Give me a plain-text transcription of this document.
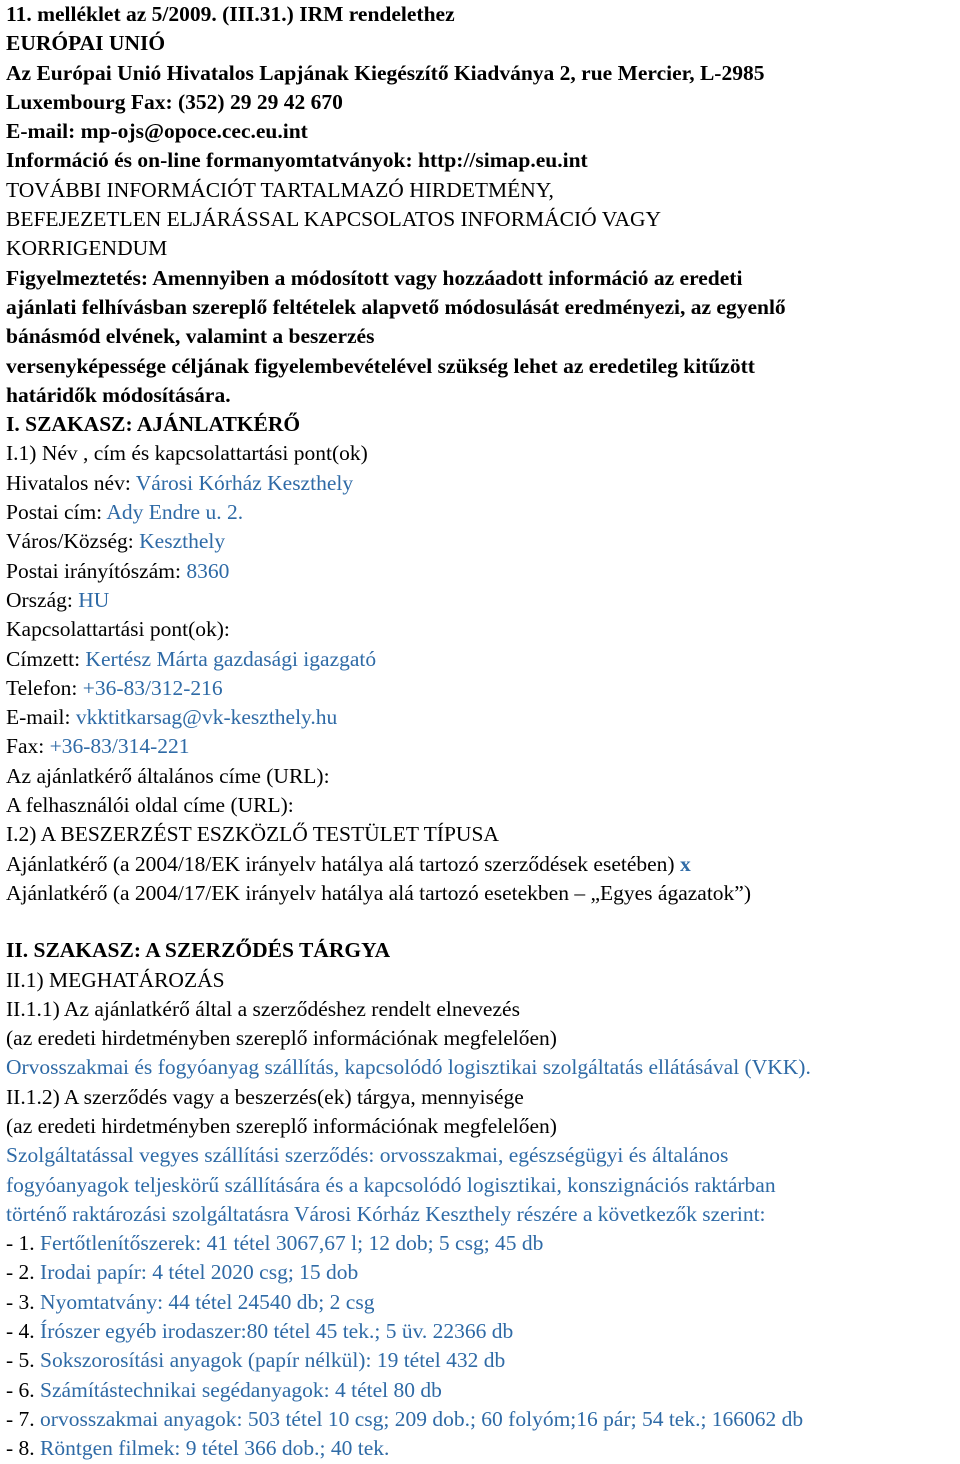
11. melléklet az 5/2009. (III.31.) IRM rendelethez
EURÓPAI UNIÓ
Az Európai Unió Hivatalos Lapjának Kiegészítő Kiadványa 2, rue Mercier, L-2985
Luxembourg Fax: (352) 29 29 42 670
E-mail: mp-ojs@opoce.cec.eu.int
Információ és on-line formanyomtatványok: http://simap.eu.int
TOVÁBBI INFORMÁCIÓT TARTALMAZÓ HIRDETMÉNY,
BEFEJEZETLEN ELJÁRÁSSAL KAPCSOLATOS INFORMÁCIÓ VAGY
KORRIGENDUM
Figyelmeztetés: Amennyiben a módosított vagy hozzáadott információ az eredeti
ajánlati felhívásban szereplő feltételek alapvető módosulását eredményezi, az egyenlő
bánásmód elvének, valamint a beszerzés
versenyképessége céljának figyelembevételével szükség lehet az eredetileg kitűzött
határidők módosítására.
I. SZAKASZ: AJÁNLATKÉRŐ
I.1) Név , cím és kapcsolattartási pont(ok)
Hivatalos név: Városi Kórház Keszthely
Postai cím: Ady Endre u. 2.
Város/Község: Keszthely
Postai irányítószám: 8360
Ország: HU
Kapcsolattartási pont(ok):
Címzett: Kertész Márta gazdasági igazgató
Telefon: +36-83/312-216
E-mail: vkktitkarsag@vk-keszthely.hu
Fax: +36-83/314-221
Az ajánlatkérő általános címe (URL):
A felhasználói oldal címe (URL):
I.2) A BESZERZÉST ESZKÖZLŐ TESTÜLET TÍPUSA
Ajánlatkérő (a 2004/18/EK irányelv hatálya alá tartozó szerződések esetében) x
Ajánlatkérő (a 2004/17/EK irányelv hatálya alá tartozó esetekben – „Egyes ágazatok”)
II. SZAKASZ: A SZERZŐDÉS TÁRGYA
II.1) MEGHATÁROZÁS
II.1.1) Az ajánlatkérő által a szerződéshez rendelt elnevezés
(az eredeti hirdetményben szereplő információnak megfelelően)
Orvosszakmai és fogyóanyag szállítás, kapcsolódó logisztikai szolgáltatás ellátásával (VKK).
II.1.2) A szerződés vagy a beszerzés(ek) tárgya, mennyisége
(az eredeti hirdetményben szereplő információnak megfelelően)
Szolgáltatással vegyes szállítási szerződés: orvosszakmai, egészségügyi és általános
fogyóanyagok teljeskörű szállítására és a kapcsolódó logisztikai, konszignációs raktárban
történő raktározási szolgáltatásra Városi Kórház Keszthely részére a következők szerint:
- 1. Fertőtlenítőszerek: 41 tétel 3067,67 l; 12 dob; 5 csg; 45 db
- 2. Irodai papír: 4 tétel 2020 csg; 15 dob
- 3. Nyomtatvány: 44 tétel 24540 db; 2 csg
- 4. Írószer egyéb irodaszer:80 tétel 45 tek.; 5 üv. 22366 db
- 5. Sokszorosítási anyagok (papír nélkül): 19 tétel 432 db
- 6. Számítástechnikai segédanyagok: 4 tétel 80 db
- 7. orvosszakmai anyagok: 503 tétel 10 csg; 209 dob.; 60 folyóm;16 pár; 54 tek.; 166062 db
- 8. Röntgen filmek: 9 tétel 366 dob.; 40 tek.
